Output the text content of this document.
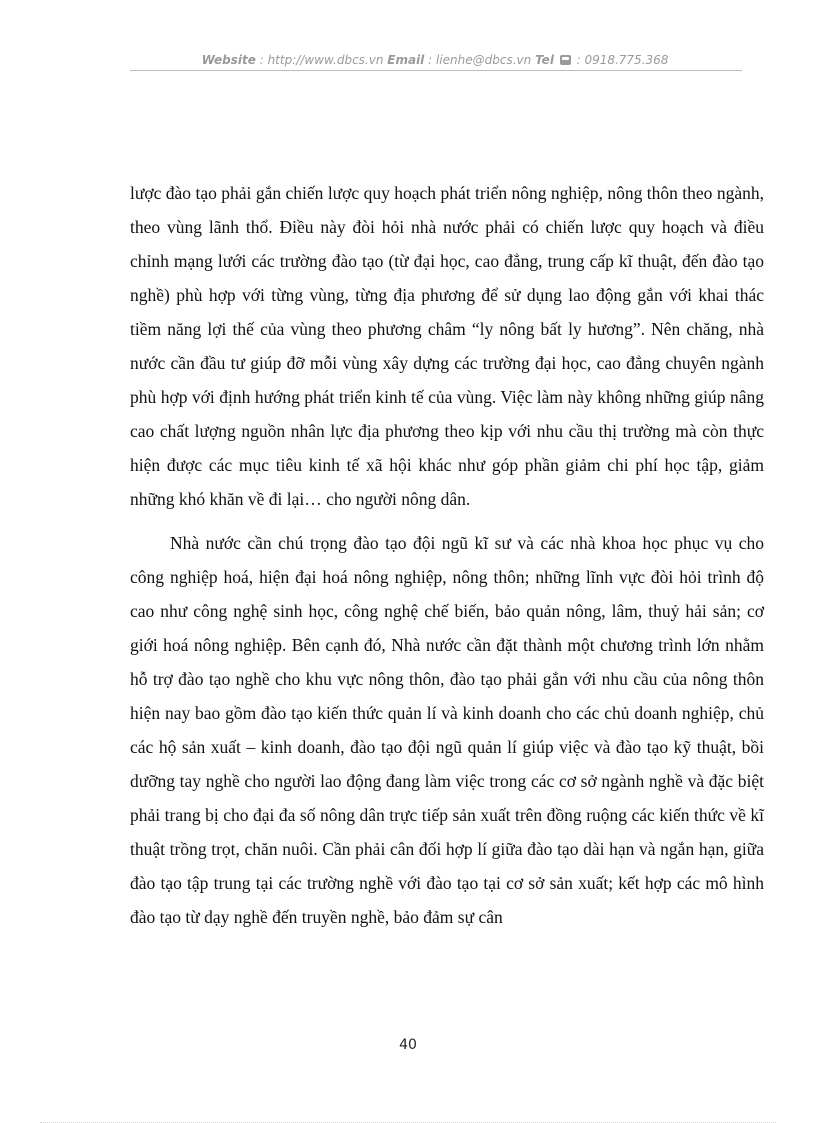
Website : http://www.dbcs.vn Email : lienhe@dbcs.vn Tel  : 0918.775.368

lược đào tạo phải gắn chiến lược quy hoạch phát triển nông nghiệp, nông thôn theo ngành, theo vùng lãnh thổ. Điều này đòi hỏi nhà nước phải có chiến lược quy hoạch và điều chỉnh mạng lưới các trường đào tạo (từ đại học, cao đẳng, trung cấp kĩ thuật, đến đào tạo nghề) phù hợp với từng vùng, từng địa phương để sử dụng lao động gắn với khai thác tiềm năng lợi thế của vùng theo phương châm “ly nông bất ly hương”. Nên chăng, nhà nước cần đầu tư giúp đỡ mỗi vùng xây dựng các trường đại học, cao đẳng chuyên ngành phù hợp với định hướng phát triển kinh tế của vùng. Việc làm này không những giúp nâng cao chất lượng nguồn nhân lực địa phương theo kịp với nhu cầu thị trường mà còn thực hiện được các mục tiêu kinh tế xã hội khác như góp phần giảm chi phí học tập, giảm những khó khăn về đi lại… cho người nông dân.

Nhà nước cần chú trọng đào tạo đội ngũ kĩ sư và các nhà khoa học phục vụ cho công nghiệp hoá, hiện đại hoá nông nghiệp, nông thôn; những lĩnh vực đòi hỏi trình độ cao như công nghệ sinh học, công nghệ chế biến, bảo quản nông, lâm, thuỷ hải sản; cơ giới hoá nông nghiệp. Bên cạnh đó, Nhà nước cần đặt thành một chương trình lớn nhằm hỗ trợ đào tạo nghề cho khu vực nông thôn, đào tạo phải gắn với nhu cầu của nông thôn hiện nay bao gồm đào tạo kiến thức quản lí và kinh doanh cho các chủ doanh nghiệp, chủ các hộ sản xuất – kinh doanh, đào tạo đội ngũ quản lí giúp việc và đào tạo kỹ thuật, bồi dưỡng tay nghề cho người lao động đang làm việc trong các cơ sở ngành nghề và đặc biệt phải trang bị cho đại đa số nông dân trực tiếp sản xuất trên đồng ruộng các kiến thức về kĩ thuật trồng trọt, chăn nuôi. Cần phải cân đối hợp lí giữa đào tạo dài hạn và ngắn hạn, giữa đào tạo tập trung tại các trường nghề với đào tạo tại cơ sở sản xuất; kết hợp các mô hình đào tạo từ dạy nghề đến truyền nghề, bảo đảm sự cân

40
